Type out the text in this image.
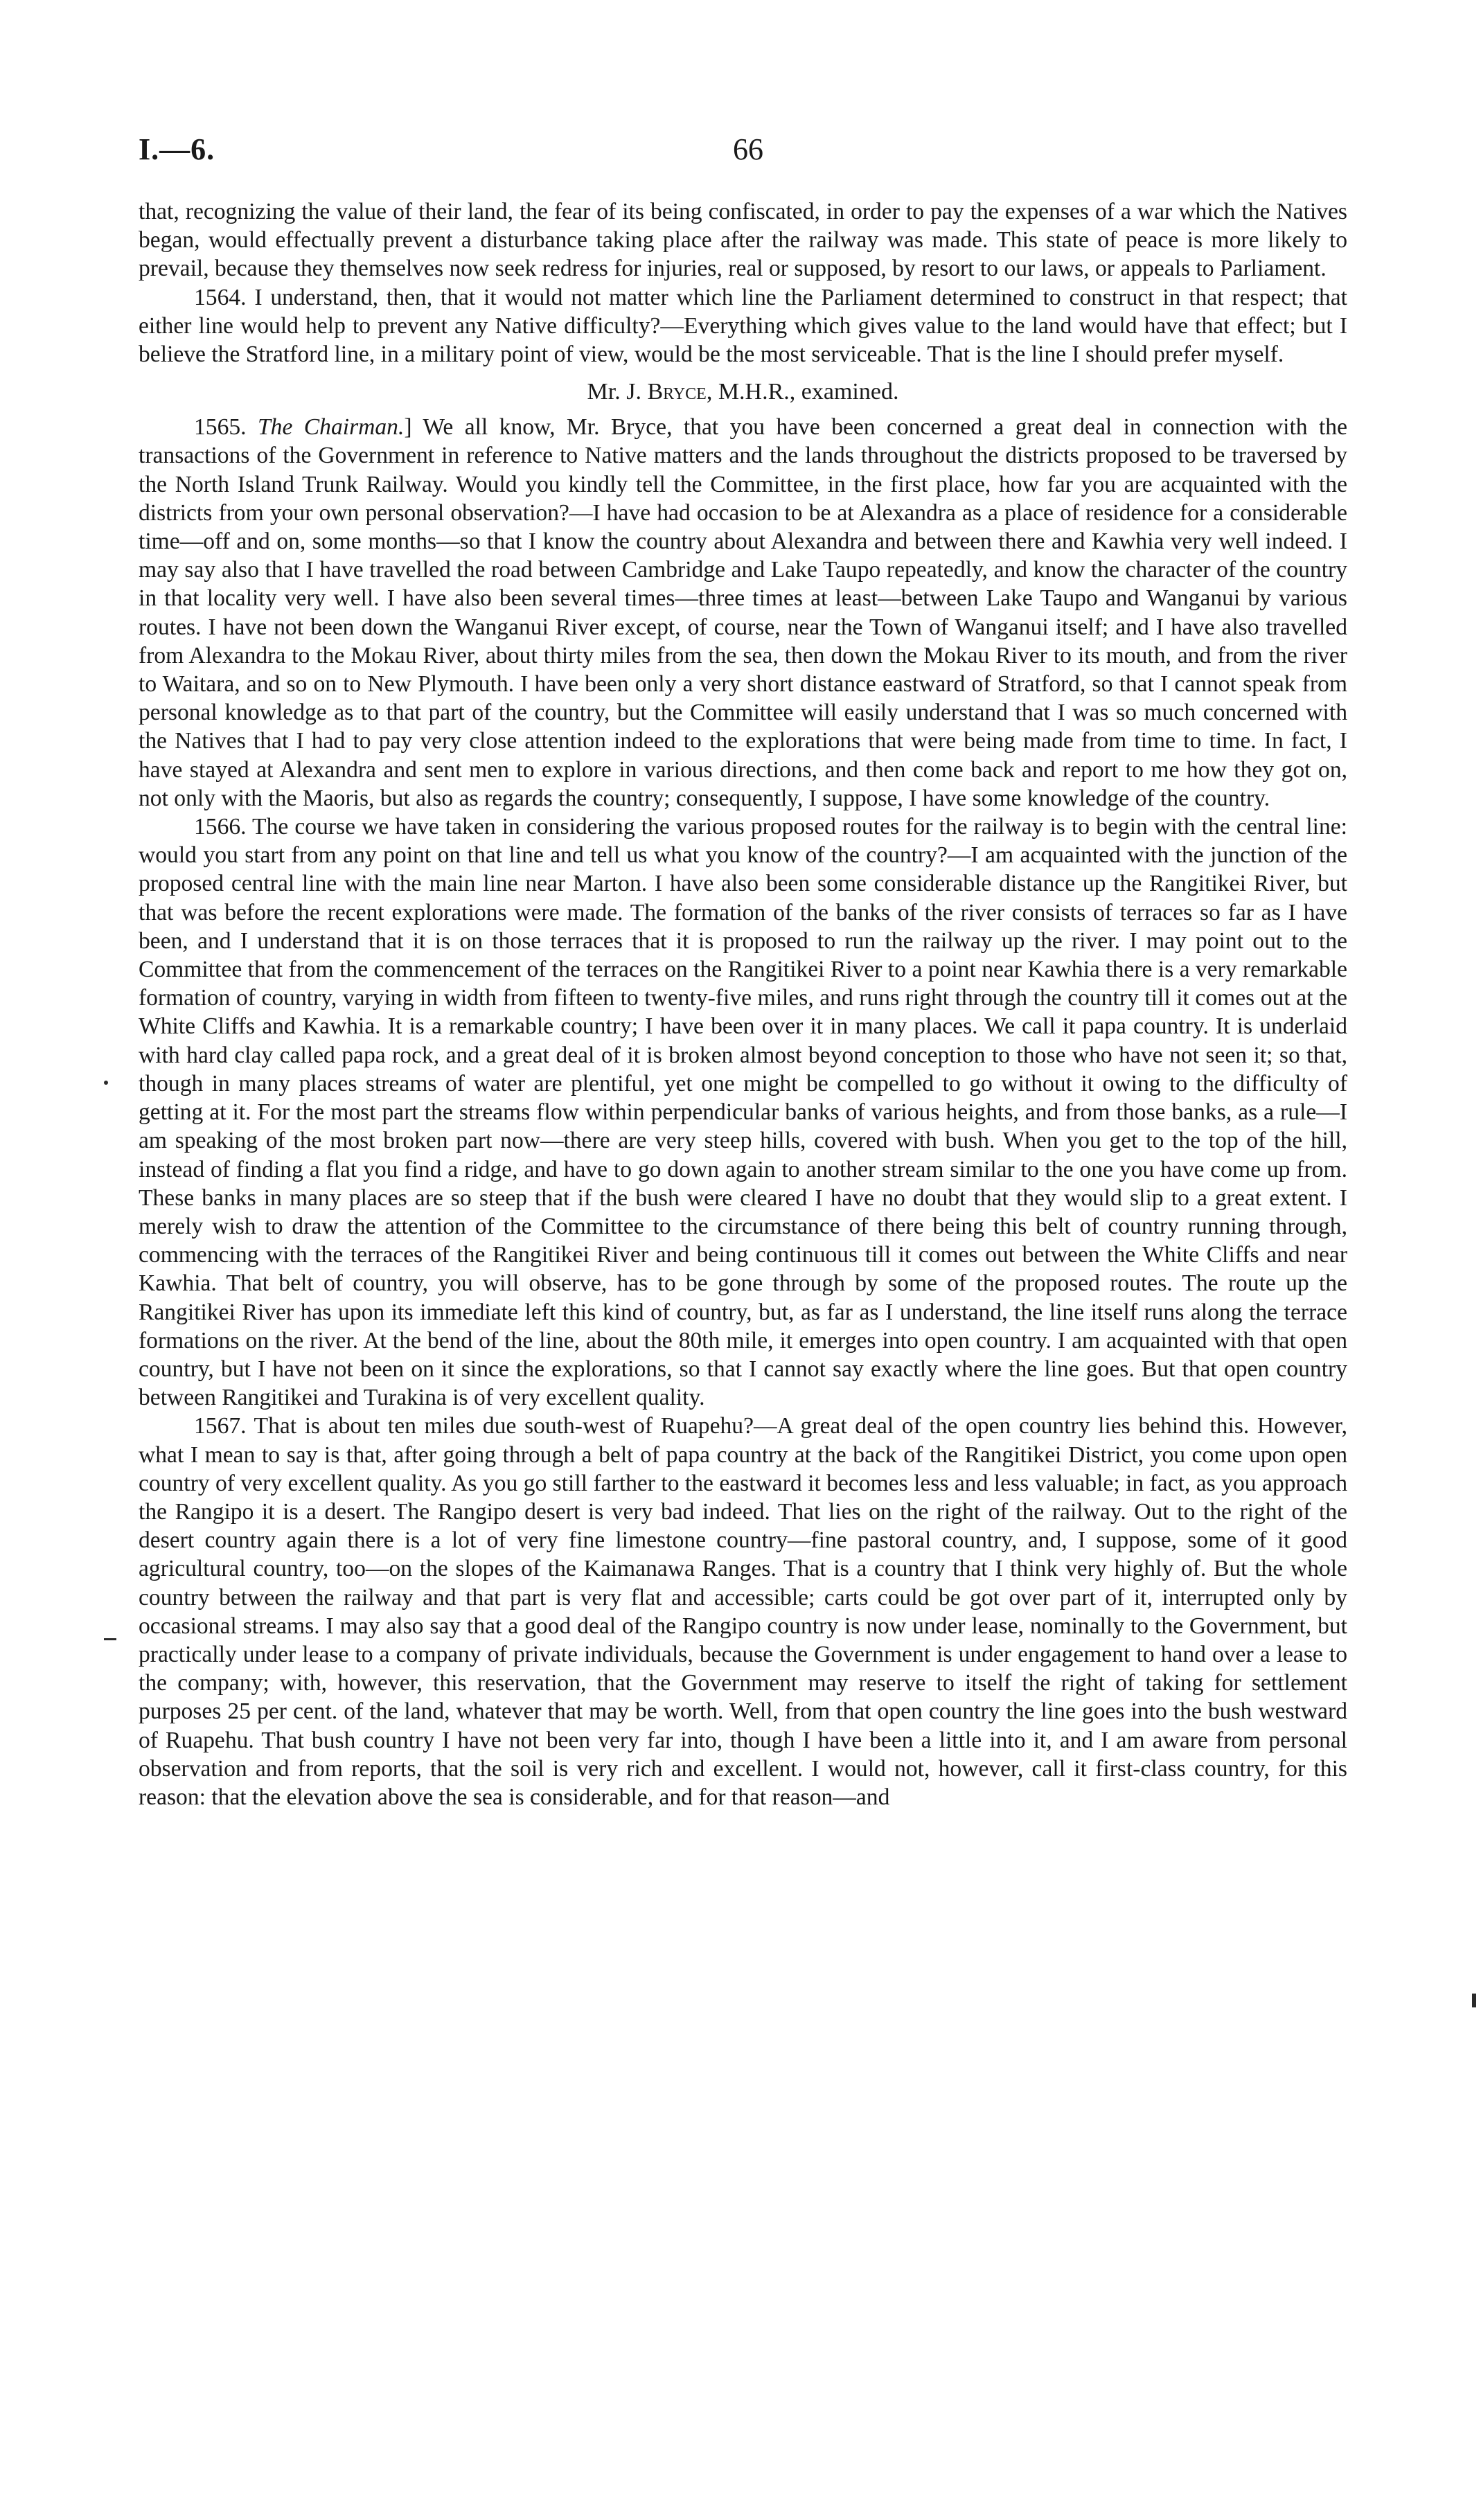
I.—6.	66

that, recognizing the value of their land, the fear of its being confiscated, in order to pay the expenses of a war which the Natives began, would effectually prevent a disturbance taking place after the railway was made. This state of peace is more likely to prevail, because they themselves now seek redress for injuries, real or supposed, by resort to our laws, or appeals to Parliament.

1564. I understand, then, that it would not matter which line the Parliament determined to construct in that respect; that either line would help to prevent any Native difficulty?—Everything which gives value to the land would have that effect; but I believe the Stratford line, in a military point of view, would be the most serviceable. That is the line I should prefer myself.

Mr. J. Bryce, M.H.R., examined.

1565. The Chairman.] We all know, Mr. Bryce, that you have been concerned a great deal in connection with the transactions of the Government in reference to Native matters and the lands throughout the districts proposed to be traversed by the North Island Trunk Railway. Would you kindly tell the Committee, in the first place, how far you are acquainted with the districts from your own personal observation?—I have had occasion to be at Alexandra as a place of residence for a considerable time—off and on, some months—so that I know the country about Alexandra and between there and Kawhia very well indeed. I may say also that I have travelled the road between Cambridge and Lake Taupo repeatedly, and know the character of the country in that locality very well. I have also been several times—three times at least—between Lake Taupo and Wanganui by various routes. I have not been down the Wanganui River except, of course, near the Town of Wanganui itself; and I have also travelled from Alexandra to the Mokau River, about thirty miles from the sea, then down the Mokau River to its mouth, and from the river to Waitara, and so on to New Plymouth. I have been only a very short distance eastward of Stratford, so that I cannot speak from personal knowledge as to that part of the country, but the Committee will easily understand that I was so much concerned with the Natives that I had to pay very close attention indeed to the explorations that were being made from time to time. In fact, I have stayed at Alexandra and sent men to explore in various directions, and then come back and report to me how they got on, not only with the Maoris, but also as regards the country; consequently, I suppose, I have some knowledge of the country.

1566. The course we have taken in considering the various proposed routes for the railway is to begin with the central line: would you start from any point on that line and tell us what you know of the country?—I am acquainted with the junction of the proposed central line with the main line near Marton. I have also been some considerable distance up the Rangitikei River, but that was before the recent explorations were made. The formation of the banks of the river consists of terraces so far as I have been, and I understand that it is on those terraces that it is proposed to run the railway up the river. I may point out to the Committee that from the commencement of the terraces on the Rangitikei River to a point near Kawhia there is a very remarkable formation of country, varying in width from fifteen to twenty-five miles, and runs right through the country till it comes out at the White Cliffs and Kawhia. It is a remarkable country; I have been over it in many places. We call it papa country. It is underlaid with hard clay called papa rock, and a great deal of it is broken almost beyond conception to those who have not seen it; so that, though in many places streams of water are plentiful, yet one might be compelled to go without it owing to the difficulty of getting at it. For the most part the streams flow within perpendicular banks of various heights, and from those banks, as a rule—I am speaking of the most broken part now—there are very steep hills, covered with bush. When you get to the top of the hill, instead of finding a flat you find a ridge, and have to go down again to another stream similar to the one you have come up from. These banks in many places are so steep that if the bush were cleared I have no doubt that they would slip to a great extent. I merely wish to draw the attention of the Committee to the circumstance of there being this belt of country running through, commencing with the terraces of the Rangitikei River and being continuous till it comes out between the White Cliffs and near Kawhia. That belt of country, you will observe, has to be gone through by some of the proposed routes. The route up the Rangitikei River has upon its immediate left this kind of country, but, as far as I understand, the line itself runs along the terrace formations on the river. At the bend of the line, about the 80th mile, it emerges into open country. I am acquainted with that open country, but I have not been on it since the explorations, so that I cannot say exactly where the line goes. But that open country between Rangitikei and Turakina is of very excellent quality.

1567. That is about ten miles due south-west of Ruapehu?—A great deal of the open country lies behind this. However, what I mean to say is that, after going through a belt of papa country at the back of the Rangitikei District, you come upon open country of very excellent quality. As you go still farther to the eastward it becomes less and less valuable; in fact, as you approach the Rangipo it is a desert. The Rangipo desert is very bad indeed. That lies on the right of the railway. Out to the right of the desert country again there is a lot of very fine limestone country—fine pastoral country, and, I suppose, some of it good agricultural country, too—on the slopes of the Kaimanawa Ranges. That is a country that I think very highly of. But the whole country between the railway and that part is very flat and accessible; carts could be got over part of it, interrupted only by occasional streams. I may also say that a good deal of the Rangipo country is now under lease, nominally to the Government, but practically under lease to a company of private individuals, because the Government is under engagement to hand over a lease to the company; with, however, this reservation, that the Government may reserve to itself the right of taking for settlement purposes 25 per cent. of the land, whatever that may be worth. Well, from that open country the line goes into the bush westward of Ruapehu. That bush country I have not been very far into, though I have been a little into it, and I am aware from personal observation and from reports, that the soil is very rich and excellent. I would not, however, call it first-class country, for this reason: that the elevation above the sea is considerable, and for that reason—and
